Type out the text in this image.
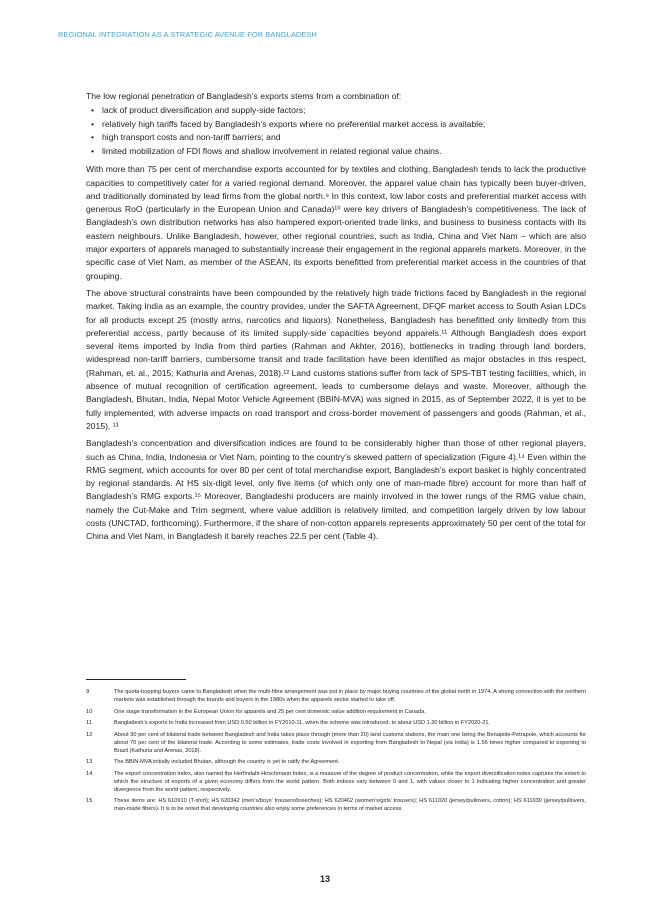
REGIONAL INTEGRATION AS A STRATEGIC AVENUE FOR BANGLADESH

The low regional penetration of Bangladesh’s exports stems from a combination of:

• lack of product diversification and supply-side factors;
• relatively high tariffs faced by Bangladesh’s exports where no preferential market access is available;
• high transport costs and non-tariff barriers; and
• limited mobilization of FDI flows and shallow involvement in related regional value chains.

With more than 75 per cent of merchandise exports accounted for by textiles and clothing, Bangladesh tends to lack the productive capacities to competitively cater for a varied regional demand. Moreover, the apparel value chain has typically been buyer-driven, and traditionally dominated by lead firms from the global north.⁹ In this context, low labor costs and preferential market access with generous RoO (particularly in the European Union and Canada)¹⁰ were key drivers of Bangladesh’s competitiveness. The lack of Bangladesh’s own distribution networks has also hampered export-oriented trade links, and business to business contacts with its eastern neighbours. Unlike Bangladesh, however, other regional countries, such as India, China and Viet Nam – which are also major exporters of apparels managed to substantially increase their engagement in the regional apparels markets. Moreover, in the specific case of Viet Nam, as member of the ASEAN, its exports benefitted from preferential market access in the countries of that grouping.

The above structural constraints have been compounded by the relatively high trade frictions faced by Bangladesh in the regional market. Taking India as an example, the country provides, under the SAFTA Agreement, DFQF market access to South Asian LDCs for all products except 25 (mostly arms, narcotics and liquors). Nonetheless, Bangladesh has benefitted only limitedly from this preferential access, partly because of its limited supply-side capacities beyond apparels.¹¹ Although Bangladesh does export several items imported by India from third parties (Rahman and Akhter, 2016), bottlenecks in trading through land borders, widespread non-tariff barriers, cumbersome transit and trade facilitation have been identified as major obstacles in this respect, (Rahman, et. al., 2015; Kathuria and Arenas, 2018).¹² Land customs stations suffer from lack of SPS-TBT testing facilities, which, in absence of mutual recognition of certification agreement, leads to cumbersome delays and waste. Moreover, although the Bangladesh, Bhutan, India, Nepal Motor Vehicle Agreement (BBIN-MVA) was signed in 2015, as of September 2022, it is yet to be fully implemented, with adverse impacts on road transport and cross-border movement of passengers and goods (Rahman, et al., 2015). ¹³

Bangladesh’s concentration and diversification indices are found to be considerably higher than those of other regional players, such as China, India, Indonesia or Viet Nam, pointing to the country’s skewed pattern of specialization (Figure 4).¹⁴ Even within the RMG segment, which accounts for over 80 per cent of total merchandise export, Bangladesh’s export basket is highly concentrated by regional standards. At HS six-digit level, only five items (of which only one of man-made fibre) account for more than half of Bangladesh’s RMG exports.¹⁵ Moreover, Bangladeshi producers are mainly involved in the lower rungs of the RMG value chain, namely the Cut-Make and Trim segment, where value addition is relatively limited, and competition largely driven by low labour costs (UNCTAD, forthcoming). Furthermore, if the share of non-cotton apparels represents approximately 50 per cent of the total for China and Viet Nam, in Bangladesh it barely reaches 22.5 per cent (Table 4).

9	The quota-hopping buyers came to Bangladesh when the multi-fibre arrangement was put in place by major buying countries of the global north in 1974. A strong connection with the northern markets was established through the brands and buyers in the 1980s when the apparels sector started to take off.
10	One stage transformation in the European Union for apparels and 25 per cent domestic value addition requirement in Canada.
11	Bangladesh’s exports to India increased from USD 0.50 billion in FY2010-11, when the scheme was introduced, to about USD 1.30 billion in FY2020-21.
12	About 90 per cent of bilateral trade between Bangladesh and India takes place through (more than 20) land customs stations, the main one being the Benapole-Petrapole, which accounts for about 70 per cent of the bilateral trade. According to some estimates, trade costs involved in exporting from Bangladesh to Nepal (via India) is 1.56 times higher compared to exporting to Brazil (Kathuria and Arenas, 2018).
13	The BBIN-MVA initially included Bhutan, although the country is yet to ratify the Agreement.
14	The export concentration index, also named the Herfindahl-Hirschmann Index, is a measure of the degree of product concentration, while the export diversification index captures the extent to which the structure of exports of a given economy differs from the world pattern. Both indices vary between 0 and 1, with values closer to 1 indicating higher concentration and greater divergence from the world pattern, respectively.
15	These items are: HS 610910 (T-shirt); HS 620342 (men’s/boys’ trousers/breeches); HS 620462 (women’s/girls’ trousers); HS 611020 (jersey/pullovers, cotton); HS 611030 (jersey/pullovers, man-made fibers). It is to be noted that developing countries also enjoy some preferences in terms of market access.
13
